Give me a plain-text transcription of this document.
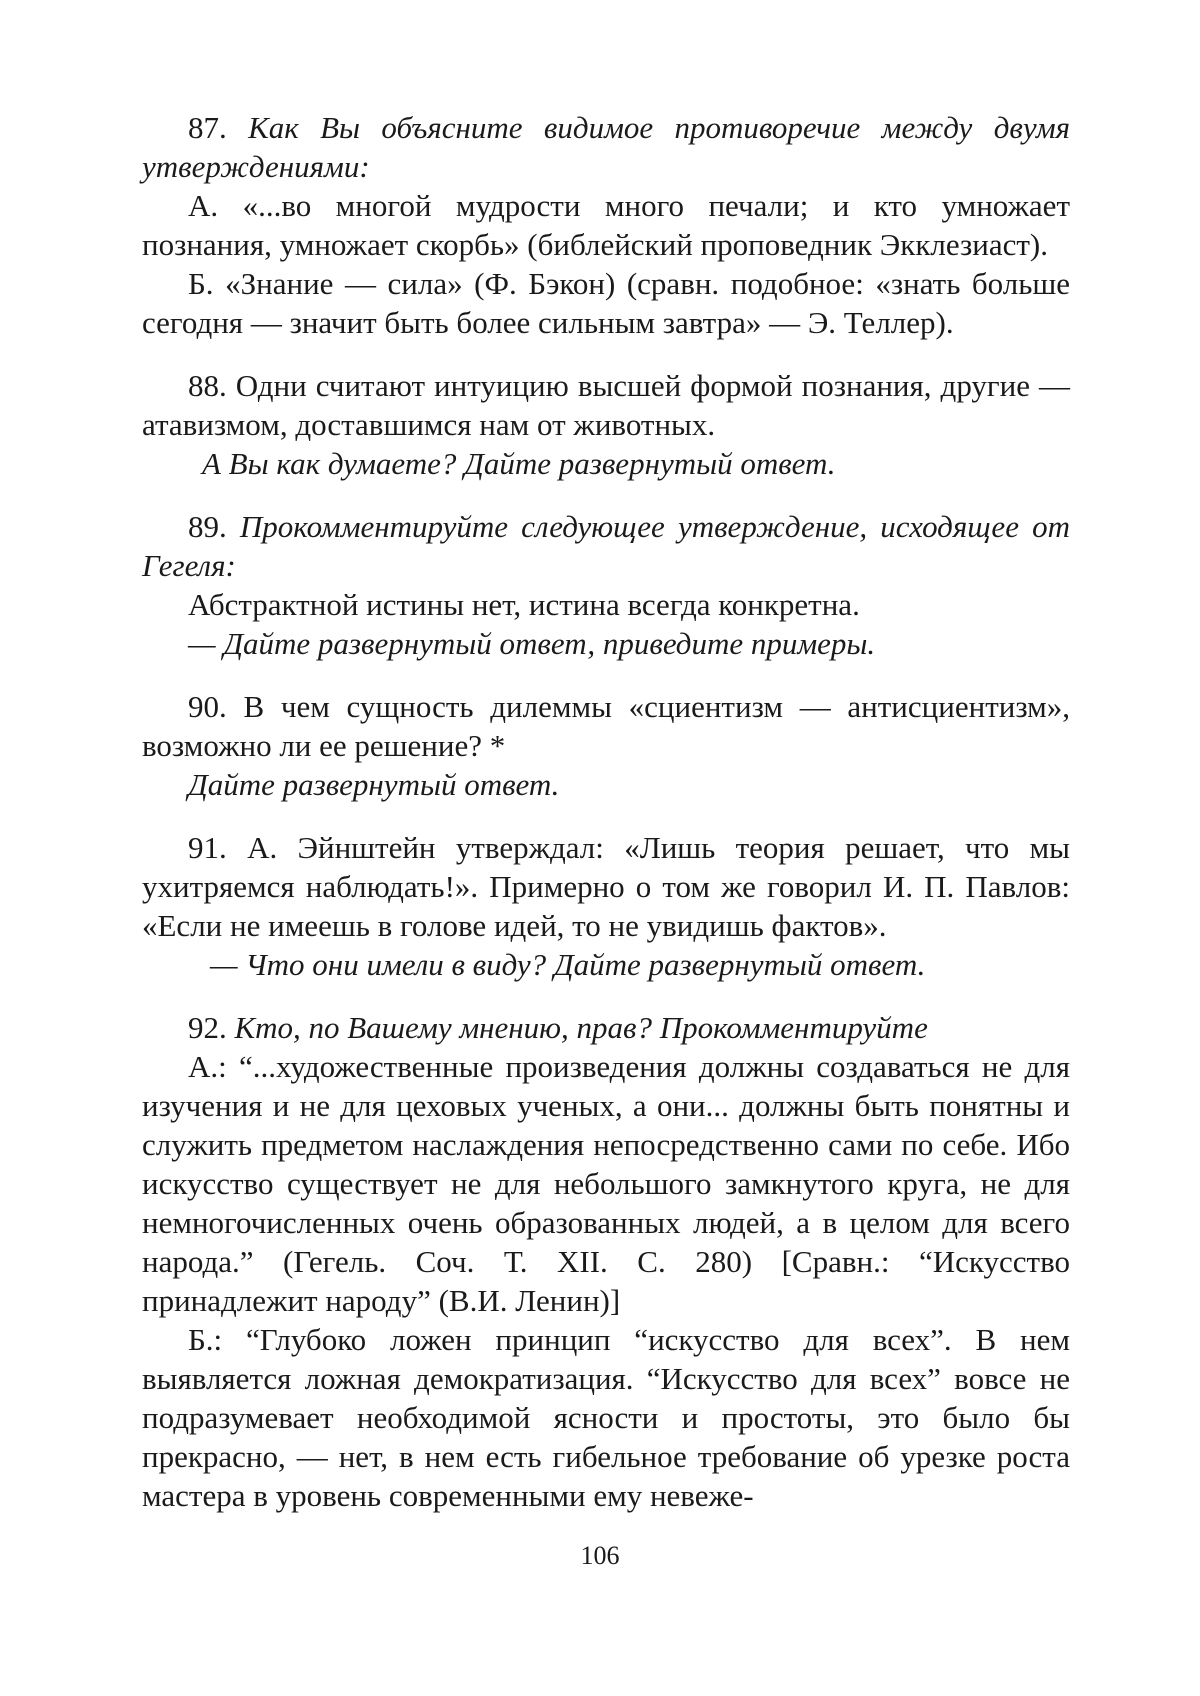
87. Как Вы объясните видимое противоречие между двумя утверждениями:

А. «...во многой мудрости много печали; и кто умножает познания, умножает скорбь» (библейский проповедник Экклезиаст).

Б. «Знание — сила» (Ф. Бэкон) (сравн. подобное: «знать больше сегодня — значит быть более сильным завтра» — Э. Теллер).

88. Одни считают интуицию высшей формой познания, другие — атавизмом, доставшимся нам от животных.

А Вы как думаете? Дайте развернутый ответ.

89. Прокомментируйте следующее утверждение, исходящее от Гегеля:

Абстрактной истины нет, истина всегда конкретна.

— Дайте развернутый ответ, приведите примеры.

90. В чем сущность дилеммы «сциентизм — антисциентизм», возможно ли ее решение? *

Дайте развернутый ответ.

91. А. Эйнштейн утверждал: «Лишь теория решает, что мы ухитряемся наблюдать!». Примерно о том же говорил И. П. Павлов: «Если не имеешь в голове идей, то не увидишь фактов».

— Что они имели в виду? Дайте развернутый ответ.

92. Кто, по Вашему мнению, прав? Прокомментируйте

А.: “...художественные произведения должны создаваться не для изучения и не для цеховых ученых, а они... должны быть понятны и служить предметом наслаждения непосредственно сами по себе. Ибо искусство существует не для небольшого замкнутого круга, не для немногочисленных очень образованных людей, а в целом для всего народа.” (Гегель. Соч. Т. XII. С. 280) [Сравн.: “Искусство принадлежит народу” (В.И. Ленин)]

Б.: “Глубоко ложен принцип “искусство для всех”. В нем выявляется ложная демократизация. “Искусство для всех” вовсе не подразумевает необходимой ясности и простоты, это было бы прекрасно, — нет, в нем есть гибельное требование об урезке роста мастера в уровень современными ему невеже-

106
